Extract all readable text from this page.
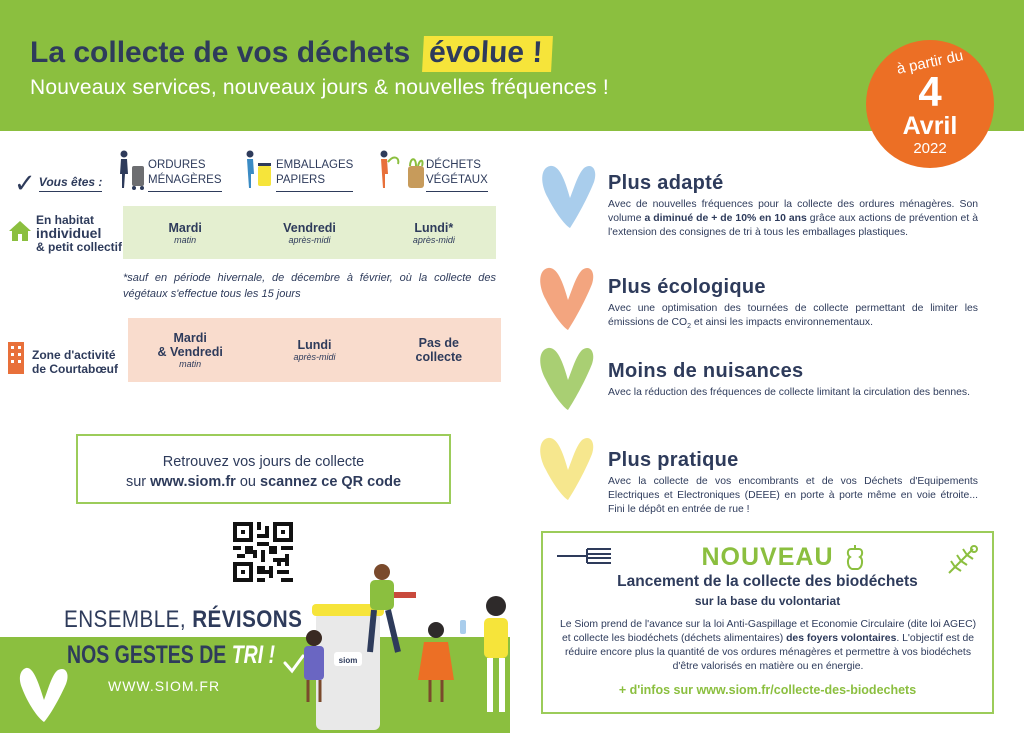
La collecte de vos déchets évolue !
Nouveaux services, nouveaux jours & nouvelles fréquences !
à partir du
4
Avril
2022
ORDURES
MÉNAGÈRES
EMBALLAGES
PAPIERS
DÉCHETS
VÉGÉTAUX
✓ Vous êtes :
En habitat
individuel
& petit collectif
Mardi
matin
Vendredi
après-midi
Lundi*
après-midi
*sauf en période hivernale, de décembre à février, où la collecte des végétaux s'effectue tous les 15 jours
Zone d'activité
de Courtabœuf
Mardi
& Vendredi
matin
Lundi
après-midi
Pas de
collecte
Retrouvez vos jours de collecte
sur www.siom.fr ou scannez ce QR code
ENSEMBLE, RÉVISONS
NOS GESTES DE TRI !
WWW.SIOM.FR
siom
Plus adapté
Avec de nouvelles fréquences pour la collecte des ordures ménagères. Son volume a diminué de + de 10% en 10 ans grâce aux actions de prévention et à l'extension des consignes de tri à tous les emballages plastiques.
Plus écologique
Avec une optimisation des tournées de collecte permettant de limiter les émissions de $CO_2$ et ainsi les impacts environnementaux.
Moins de nuisances
Avec la réduction des fréquences de collecte limitant la circulation des bennes.
Plus pratique
Avec la collecte de vos encombrants et de vos Déchets d'Equipements Electriques et Electroniques (DEEE) en porte à porte même en voie étroite... Fini le dépôt en entrée de rue !
NOUVEAU
Lancement de la collecte des biodéchets
sur la base du volontariat
Le Siom prend de l'avance sur la loi Anti-Gaspillage et Economie Circulaire (dite loi AGEC) et collecte les biodéchets (déchets alimentaires) des foyers volontaires. L'objectif est de réduire encore plus la quantité de vos ordures ménagères et permettre à vos biodéchets d'être valorisés en matière ou en énergie.
+ d'infos sur www.siom.fr/collecte-des-biodechets
